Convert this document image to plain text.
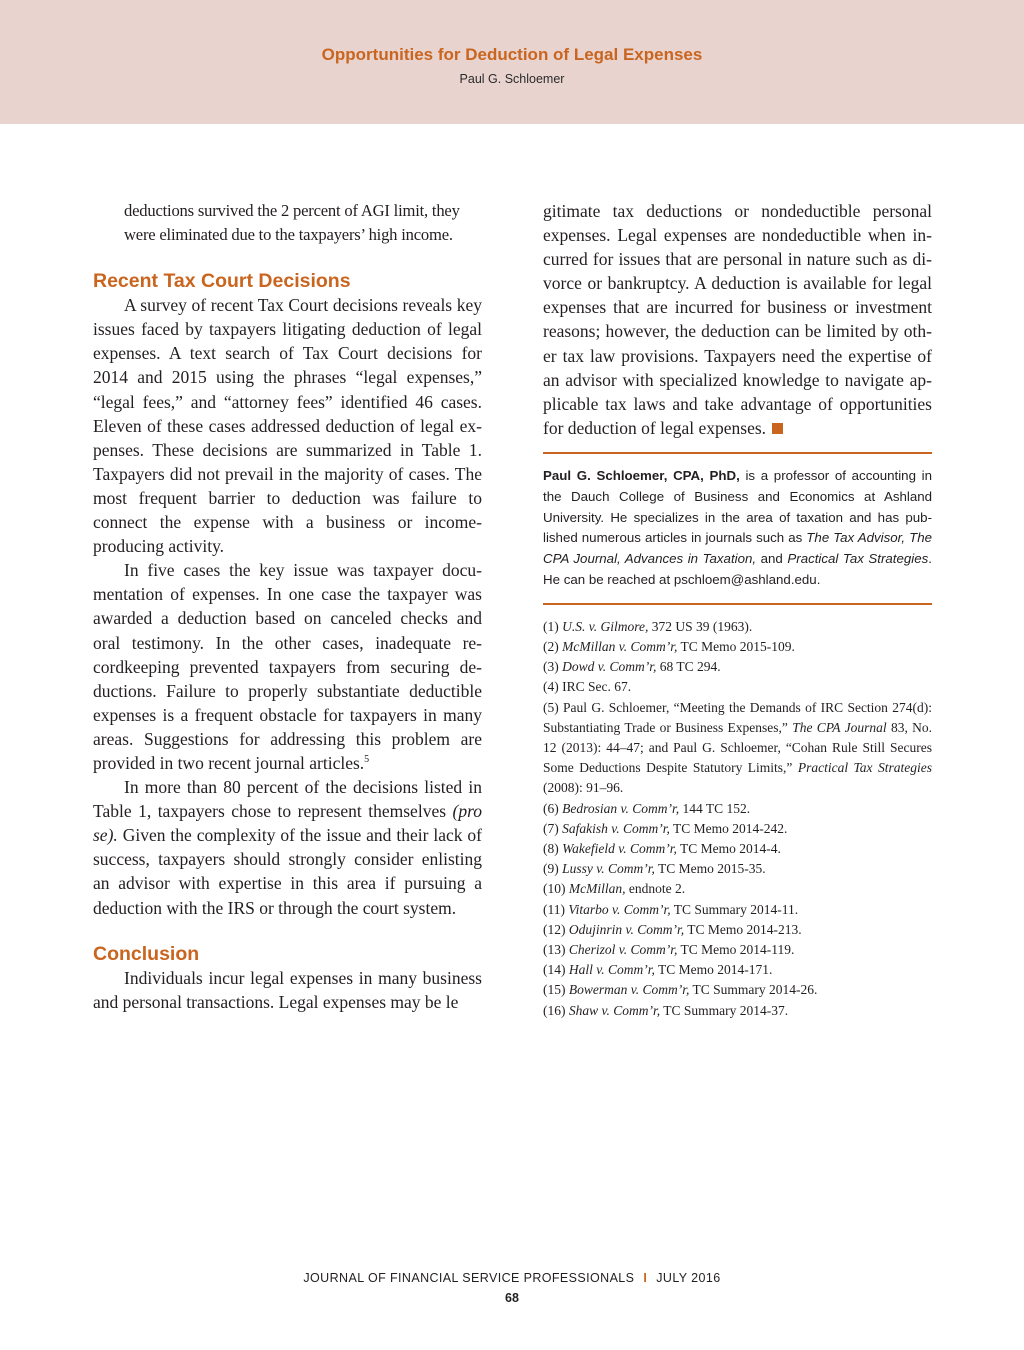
Opportunities for Deduction of Legal Expenses
Paul G. Schloemer

deductions survived the 2 percent of AGI limit, they were eliminated due to the taxpayers’ high income.

Recent Tax Court Decisions

A survey of recent Tax Court decisions reveals key issues faced by taxpayers litigating deduction of legal expenses. A text search of Tax Court decisions for 2014 and 2015 using the phrases “legal expenses,” “legal fees,” and “attorney fees” identified 46 cases. Eleven of these cases addressed deduction of legal expenses. These decisions are summarized in Table 1. Taxpayers did not prevail in the majority of cases. The most frequent barrier to deduction was failure to connect the expense with a business or income-producing activity.

In five cases the key issue was taxpayer documentation of expenses. In one case the taxpayer was awarded a deduction based on canceled checks and oral testimony. In the other cases, inadequate recordkeeping prevented taxpayers from securing deductions. Failure to properly substantiate deductible expenses is a frequent obstacle for taxpayers in many areas. Suggestions for addressing this problem are provided in two recent journal articles.$^5$

In more than 80 percent of the decisions listed in Table 1, taxpayers chose to represent themselves (pro se). Given the complexity of the issue and their lack of success, taxpayers should strongly consider enlisting an advisor with expertise in this area if pursuing a deduction with the IRS or through the court system.

Conclusion

Individuals incur legal expenses in many business and personal transactions. Legal expenses may be le

gitimate tax deductions or nondeductible personal expenses. Legal expenses are nondeductible when incurred for issues that are personal in nature such as divorce or bankruptcy. A deduction is available for legal expenses that are incurred for business or investment reasons; however, the deduction can be limited by other tax law provisions. Taxpayers need the expertise of an advisor with specialized knowledge to navigate applicable tax laws and take advantage of opportunities for deduction of legal expenses.

Paul G. Schloemer, CPA, PhD, is a professor of accounting in the Dauch College of Business and Economics at Ashland University. He specializes in the area of taxation and has published numerous articles in journals such as The Tax Advisor, The CPA Journal, Advances in Taxation, and Practical Tax Strategies. He can be reached at pschloem@ashland.edu.

(1) U.S. v. Gilmore, 372 US 39 (1963).

(2) McMillan v. Comm’r, TC Memo 2015-109.

(3) Dowd v. Comm’r, 68 TC 294.

(4) IRC Sec. 67.

(5) Paul G. Schloemer, “Meeting the Demands of IRC Section 274(d): Substantiating Trade or Business Expenses,” The CPA Journal 83, No. 12 (2013): 44–47; and Paul G. Schloemer, “Cohan Rule Still Secures Some Deductions Despite Statutory Limits,” Practical Tax Strategies (2008): 91–96.

(6) Bedrosian v. Comm’r, 144 TC 152.

(7) Safakish v. Comm’r, TC Memo 2014-242.

(8) Wakefield v. Comm’r, TC Memo 2014-4.

(9) Lussy v. Comm’r, TC Memo 2015-35.

(10) McMillan, endnote 2.

(11) Vitarbo v. Comm’r, TC Summary 2014-11.

(12) Odujinrin v. Comm’r, TC Memo 2014-213.

(13) Cherizol v. Comm’r, TC Memo 2014-119.

(14) Hall v. Comm’r, TC Memo 2014-171.

(15) Bowerman v. Comm’r, TC Summary 2014-26.

(16) Shaw v. Comm’r, TC Summary 2014-37.

JOURNAL OF FINANCIAL SERVICE PROFESSIONALS I JULY 2016
68
